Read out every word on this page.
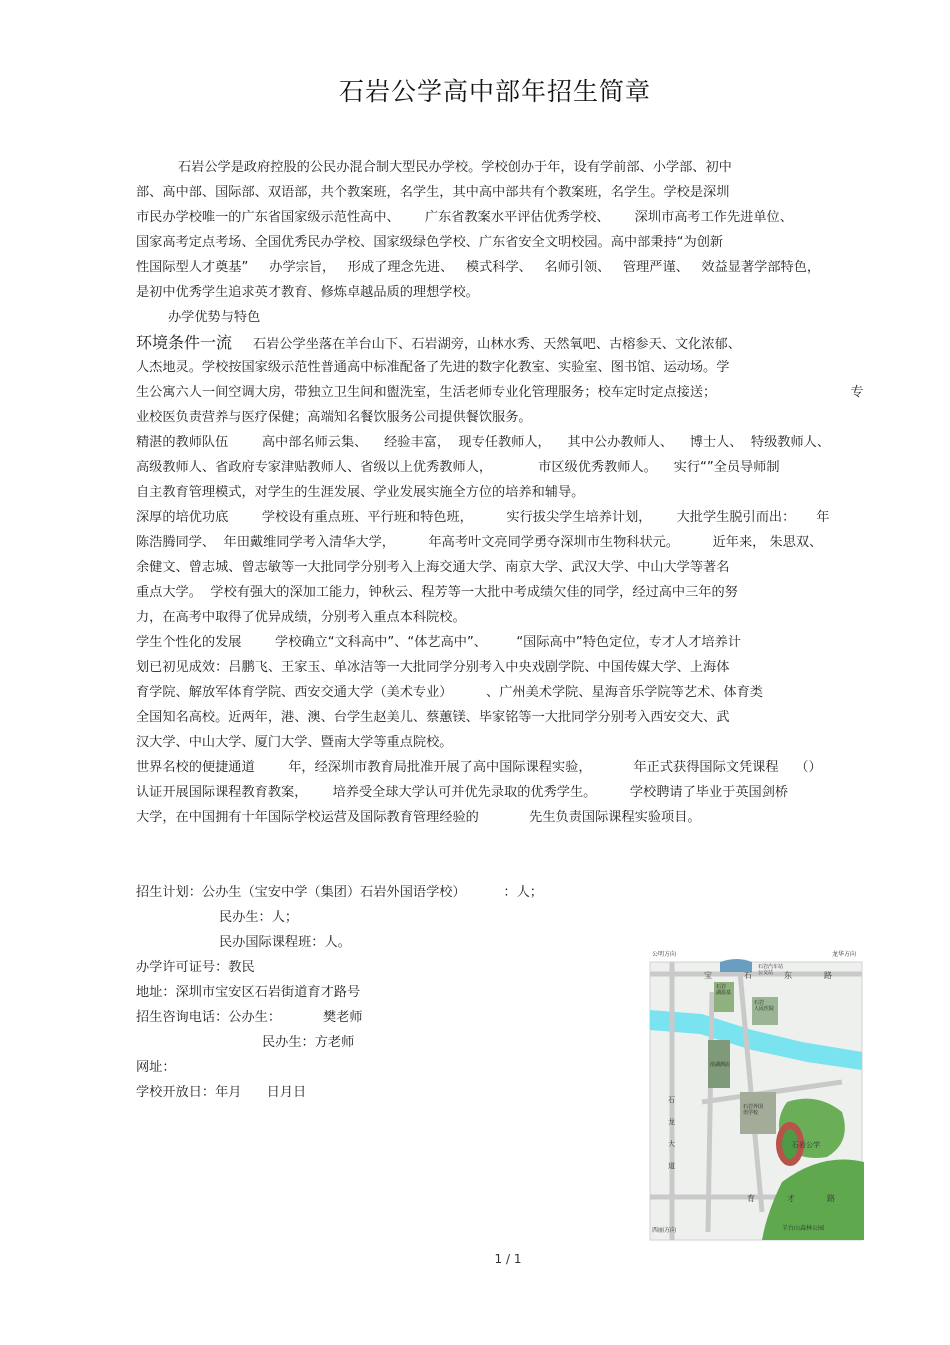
石岩公学高中部年招生简章
石岩公学是政府控股的公民办混合制大型民办学校。学校创办于年，设有学前部、小学部、初中
部、高中部、国际部、双语部，共个教案班，名学生，其中高中部共有个教案班，名学生。学校是深圳
市民办学校唯一的广东省国家级示范性高中、      广东省教案水平评估优秀学校、      深圳市高考工作先进单位、
国家高考定点考场、全国优秀民办学校、国家级绿色学校、广东省安全文明校园。高中部秉持“为创新
性国际型人才奠基”     办学宗旨，   形成了理念先进、   模式科学、   名师引领、   管理严谨、   效益显著学部特色，
是初中优秀学生追求英才教育、修炼卓越品质的理想学校。
办学优势与特色
环境条件一流     石岩公学坐落在羊台山下、石岩湖旁，山林水秀、天然氧吧、古榕参天、文化浓郁、
人杰地灵。学校按国家级示范性普通高中标准配备了先进的数字化教室、实验室、图书馆、运动场。学
生公寓六人一间空调大房，带独立卫生间和盥洗室，生活老师专业化管理服务；校车定时定点接送；                                专
业校医负责营养与医疗保健；高端知名餐饮服务公司提供餐饮服务。
精湛的教师队伍        高中部名师云集、    经验丰富，  现专任教师人，    其中公办教师人、    博士人、  特级教师人、
高级教师人、省政府专家津贴教师人、省级以上优秀教师人，           市区级优秀教师人。    实行“”全员导师制
自主教育管理模式，对学生的生涯发展、学业发展实施全方位的培养和辅导。
深厚的培优功底        学校设有重点班、平行班和特色班，        实行拔尖学生培养计划，      大批学生脱引而出：     年
陈浩腾同学、  年田戴维同学考入清华大学，        年高考叶文亮同学勇夺深圳市生物科状元。        近年来， 朱思双、
余健文、曾志城、曾志敏等一大批同学分别考入上海交通大学、南京大学、武汉大学、中山大学等著名
重点大学。  学校有强大的深加工能力，钟秋云、程芳等一大批中考成绩欠佳的同学，经过高中三年的努
力，在高考中取得了优异成绩，分别考入重点本科院校。
学生个性化的发展        学校确立“文科高中”、“体艺高中”、       “国际高中”特色定位，专才人才培养计
划已初见成效：吕鹏飞、王家玉、单冰洁等一大批同学分别考入中央戏剧学院、中国传媒大学、上海体
育学院、解放军体育学院、西安交通大学（美术专业）        、广州美术学院、星海音乐学院等艺术、体育类
全国知名高校。近两年，港、澳、台学生赵美儿、蔡蕙镁、毕家铭等一大批同学分别考入西安交大、武
汉大学、中山大学、厦门大学、暨南大学等重点院校。
世界名校的便捷通道        年，经深圳市教育局批准开展了高中国际课程实验，          年正式获得国际文凭课程    （）
认证开展国际课程教育教案，      培养受全球大学认可并优先录取的优秀学生。        学校聘请了毕业于英国剑桥
大学，在中国拥有十年国际学校运营及国际教育管理经验的            先生负责国际课程实验项目。
招生计划：公办生（宝安中学（集团）石岩外国语学校）         ：人；
民办生：人；
民办国际课程班：人。
办学许可证号：教民
地址：深圳市宝安区石岩街道育才路号
招生咨询电话：公办生：          樊老师
民办生：方老师
网址：
学校开放日：年月      日月日
公明方向	龙华方向
石岩公学
西丽方向	羊台山森林公园
宝	石	东	路
育	才	路
石
龙
大
道
石岩湖温泉
石岩人民医院
沿湖酒店
石岩外国语学校
石岩汽车站公交站
1 / 1
